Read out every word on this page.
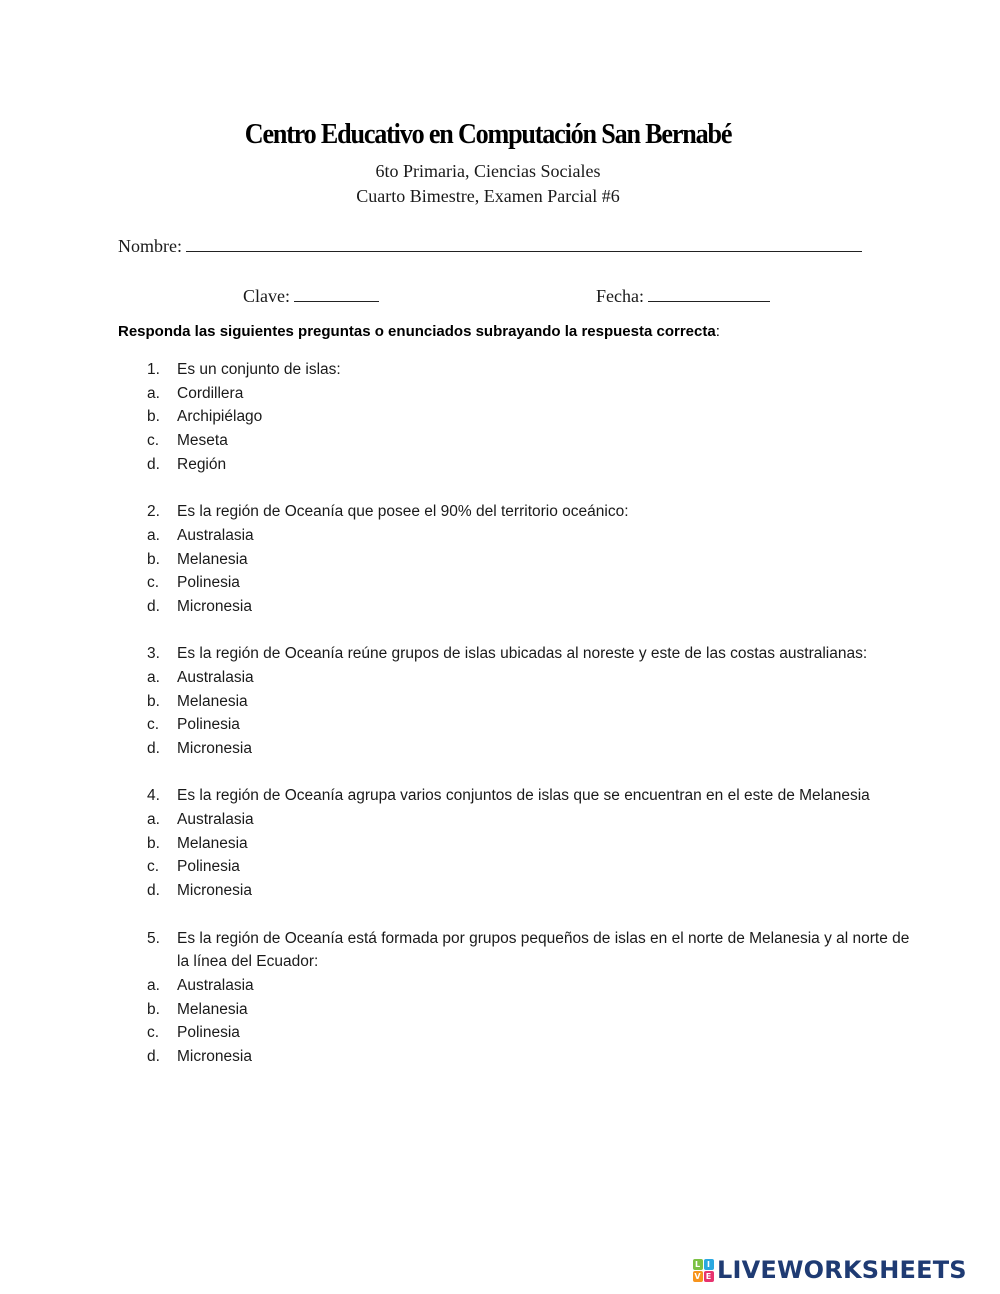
Centro Educativo en Computación San Bernabé
6to Primaria, Ciencias Sociales
Cuarto Bimestre, Examen Parcial #6
Nombre:
Clave:	Fecha:
Responda las siguientes preguntas o enunciados subrayando la respuesta correcta:
1.	Es un conjunto de islas:
a.	Cordillera
b.	Archipiélago
c.	Meseta
d.	Región
2.	Es la región de Oceanía que posee el 90% del territorio oceánico:
a.	Australasia
b.	Melanesia
c.	Polinesia
d.	Micronesia
3.	Es la región de Oceanía reúne grupos de islas ubicadas al noreste y este de las costas australianas:
a.	Australasia
b.	Melanesia
c.	Polinesia
d.	Micronesia
4.	Es la región de Oceanía agrupa varios conjuntos de islas que se encuentran en el este de Melanesia
a.	Australasia
b.	Melanesia
c.	Polinesia
d.	Micronesia
5.	Es la región de Oceanía está formada por grupos pequeños de islas en el norte de Melanesia y al norte de la línea del Ecuador:
a.	Australasia
b.	Melanesia
c.	Polinesia
d.	Micronesia
L I
V E LIVEWORKSHEETS
